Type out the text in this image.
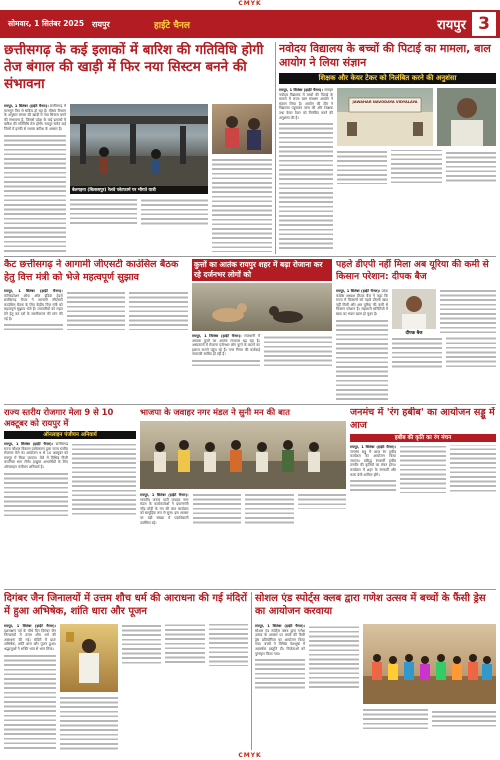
CMYK
सोमवार, 1 सितंबर 2025 रायपुर	हाईटे चैनल	रायपुर 3
छत्तीसगढ़ के कई इलाकों में बारिश की गतिविधि होगी तेज बंगाल की खाड़ी में फिर नया सिस्टम बनने की संभावना

रायपुर, 1 सितंबर (हाईटे चैनल)। छत्तीसगढ़ में मानसून फिर से सक्रिय हो रहा है। मौसम विभाग के अनुसार बंगाल की खाड़ी में नया सिस्टम बनने की संभावना है, जिससे प्रदेश के कई इलाकों में बारिश की गतिविधि तेज होगी। रायपुर समेत कई जिलों में हल्की से मध्यम बारिश के आसार हैं।

बेलगहना (बिलासपुर) रेलवे प्लेटफार्म पर भीगते यात्री
नवोदय विद्यालय के बच्चों की पिटाई का मामला, बाल आयोग ने लिया संज्ञान
शिक्षक और केयर टेकर को निलंबित करने की अनुशंसा

रायपुर, 1 सितंबर (हाईटे चैनल)। जवाहर नवोदय विद्यालय में बच्चों की पिटाई के मामले में राज्य बाल संरक्षण आयोग ने संज्ञान लिया है। आयोग की टीम ने विद्यालय पहुंचकर जांच की और शिक्षक तथा केयर टेकर को निलंबित करने की अनुशंसा की है।

JAWAHAR NAVODAYA VIDYALAYA
कैट छत्तीसगढ़ ने आगामी जीएसटी काउंसिल बैठक हेतु वित्त मंत्री को भेजे महत्वपूर्ण सुझाव

रायपुर, 1 सितंबर (हाईटे चैनल)। कॉन्फेडरेशन ऑफ ऑल इंडिया ट्रेडर्स छत्तीसगढ़ चैप्टर ने आगामी जीएसटी काउंसिल बैठक के लिए केंद्रीय वित्त मंत्री को महत्वपूर्ण सुझाव भेजे हैं। व्यापारियों को राहत देने हेतु कर दरों के सरलीकरण की मांग की गई है।

कुत्तों का आतंक रायपुर शहर में बढ़ा रोजाना कर रहे दर्जनभर लोगों को

रायपुर, 1 सितंबर (हाईटे चैनल)। राजधानी में आवारा कुत्तों का आतंक लगातार बढ़ रहा है। अस्पतालों में रोजाना दर्जनभर लोग कुत्ते के काटने का इलाज कराने पहुंच रहे हैं। नगर निगम की कार्रवाई नाकाफी साबित हो रही है।

पहले डीएपी नहीं मिला अब यूरिया की कमी से किसान परेशान: दीपक बैज

रायपुर, 1 सितंबर (हाईटे चैनल)। प्रदेश कांग्रेस अध्यक्ष दीपक बैज ने कहा कि राज्य में किसानों को पहले डीएपी खाद नहीं मिली और अब यूरिया की कमी से किसान परेशान हैं। सहकारी समितियों में खाद का भंडार खत्म हो चुका है।

दीपक बैज
राज्य स्तरीय रोजगार मेला 9 से 10 अक्टूबर को रायपुर में
ऑनलाइन पंजीयन अनिवार्य

रायपुर, 1 सितंबर (हाईटे चैनल)। छत्तीसगढ़ राज्य कौशल विकास प्राधिकरण द्वारा राज्य स्तरीय रोजगार मेले का आयोजन 9 से 10 अक्टूबर को रायपुर में किया जाएगा। मेले में विभिन्न निजी कंपनियां भाग लेंगी। इच्छुक अभ्यर्थियों के लिए ऑनलाइन पंजीयन अनिवार्य है।

भाजपा के जवाहर नगर मंडल ने सुनी मन की बात

रायपुर, 1 सितंबर (हाईटे चैनल)। भारतीय जनता पार्टी जवाहर नगर मंडल के कार्यकर्ताओं ने प्रधानमंत्री नरेंद्र मोदी के मन की बात कार्यक्रम को सामूहिक रूप से सुना। इस अवसर पर बड़ी संख्या में पदाधिकारी उपस्थित रहे।

जनमंच में 'रंग हबीब' का आयोजन सड्डू में आज
हबीब की कृति का रंग मंचन

रायपुर, 1 सितंबर (हाईटे चैनल)। जनमंच सड्डू में आज रंग हबीब कार्यक्रम का आयोजन किया जाएगा। प्रसिद्ध रंगकर्मी हबीब तनवीर की कृतियों का मंचन होगा। कार्यक्रम में शहर के रंगकर्मी और कला प्रेमी शामिल होंगे।

दिगंबर जैन जिनालयों में उत्तम शौच धर्म की आराधना की गई मंदिरों में हुआ अभिषेक, शांति धारा और पूजन

रायपुर, 1 सितंबर (हाईटे चैनल)। दशलक्षण पर्व के चौथे दिन दिगंबर जैन जिनालयों में उत्तम शौच धर्म की आराधना की गई। मंदिरों में प्रातः अभिषेक, शांति धारा और पूजन हुआ। श्रद्धालुओं ने भक्ति भाव से भाग लिया।

सोशल एंड स्पोर्ट्स क्लब द्वारा गणेश उत्सव में बच्चों के फैंसी ड्रेस का आयोजन करवाया

रायपुर, 1 सितंबर (हाईटे चैनल)। सोशल एंड स्पोर्ट्स क्लब द्वारा गणेश उत्सव के अवसर पर बच्चों की फैंसी ड्रेस प्रतियोगिता का आयोजन किया गया। बच्चों ने विभिन्न वेशभूषा में आकर्षक प्रस्तुति दी। विजेताओं को पुरस्कृत किया गया।

CMYK
